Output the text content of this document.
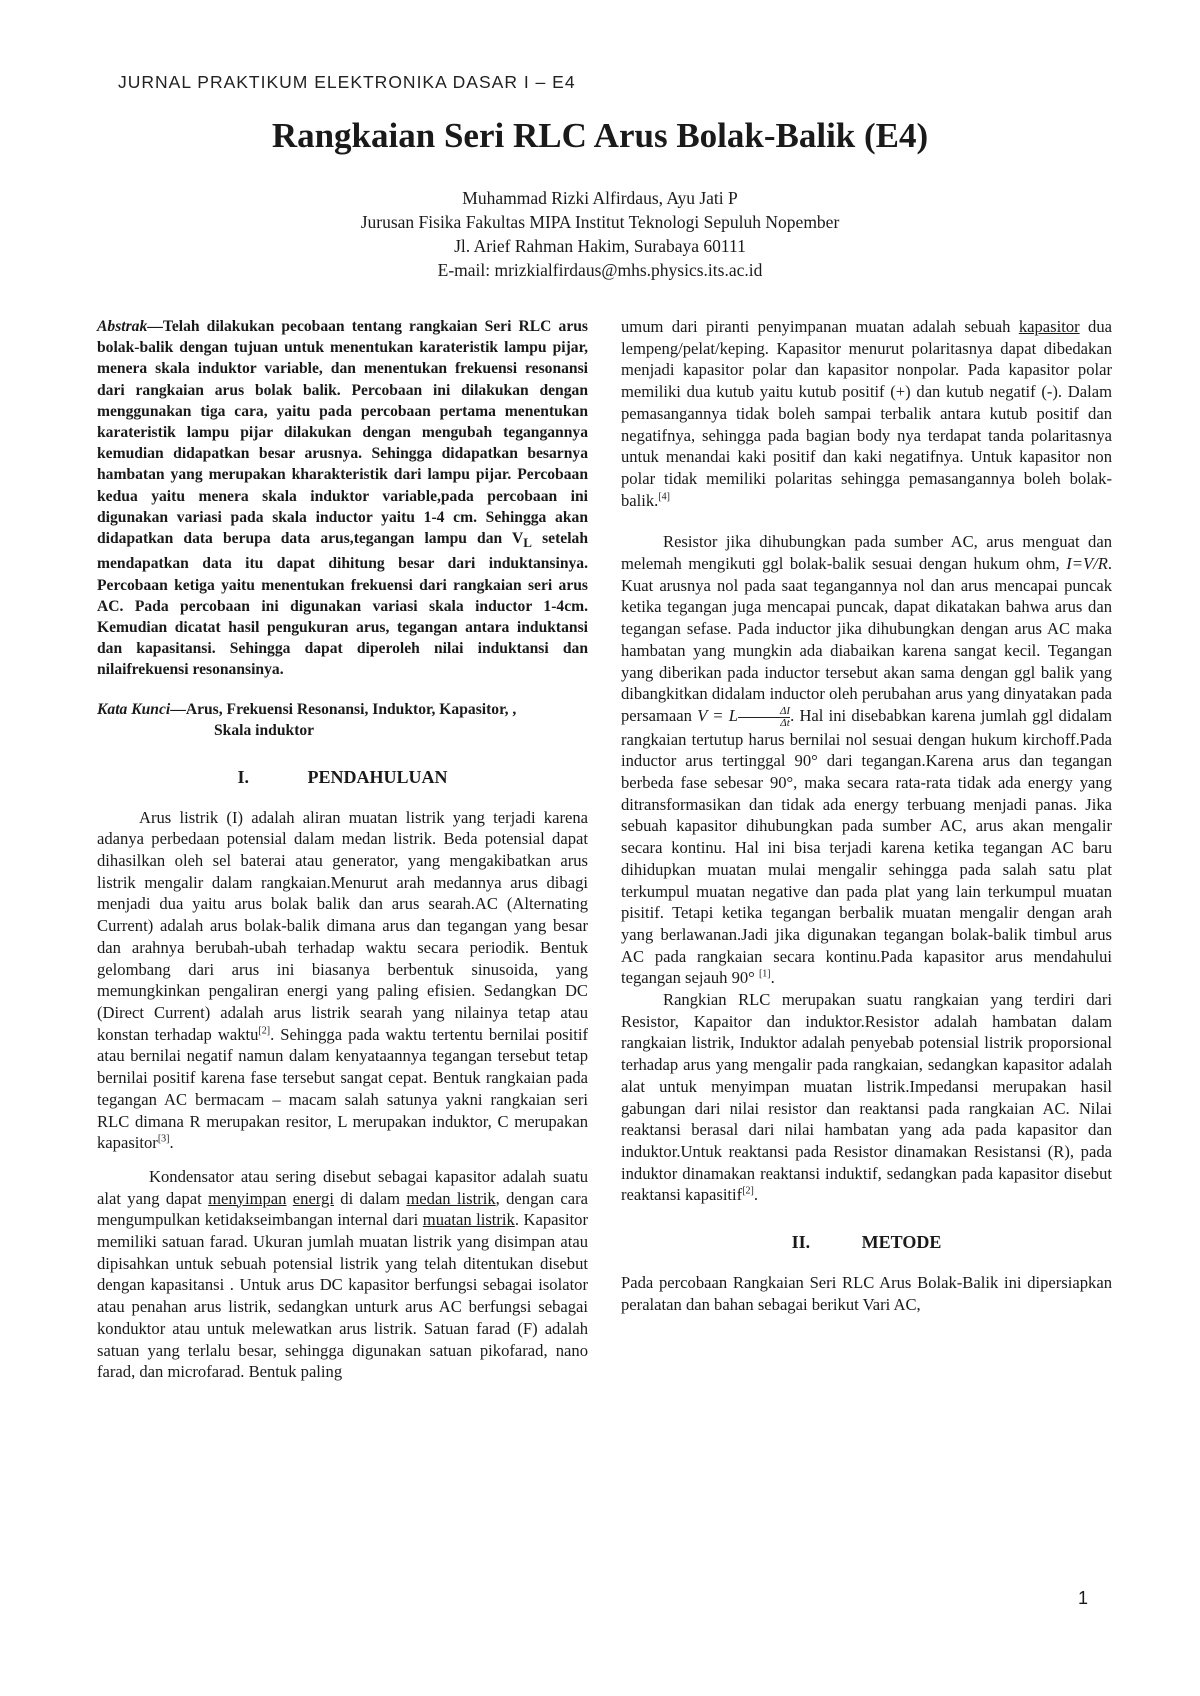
JURNAL PRAKTIKUM ELEKTRONIKA DASAR I – E4
Rangkaian Seri RLC Arus Bolak-Balik (E4)
Muhammad Rizki Alfirdaus, Ayu Jati P
Jurusan Fisika Fakultas MIPA Institut Teknologi Sepuluh Nopember
Jl. Arief Rahman Hakim, Surabaya 60111
E-mail: mrizkialfirdaus@mhs.physics.its.ac.id

Abstrak—Telah dilakukan pecobaan tentang rangkaian Seri RLC arus bolak-balik dengan tujuan untuk menentukan karateristik lampu pijar, menera skala induktor variable, dan menentukan frekuensi resonansi dari rangkaian arus bolak balik. Percobaan ini dilakukan dengan menggunakan tiga cara, yaitu pada percobaan pertama menentukan karateristik lampu pijar dilakukan dengan mengubah tegangannya kemudian didapatkan besar arusnya. Sehingga didapatkan besarnya hambatan yang merupakan kharakteristik dari lampu pijar. Percobaan kedua yaitu menera skala induktor variable,pada percobaan ini digunakan variasi pada skala inductor yaitu 1-4 cm. Sehingga akan didapatkan data berupa data arus,tegangan lampu dan $V_L$ setelah mendapatkan data itu dapat dihitung besar dari induktansinya. Percobaan ketiga yaitu menentukan frekuensi dari rangkaian seri arus AC. Pada percobaan ini digunakan variasi skala inductor 1-4cm. Kemudian dicatat hasil pengukuran arus, tegangan antara induktansi dan kapasitansi. Sehingga dapat diperoleh nilai induktansi dan nilaifrekuensi resonansinya.

Kata Kunci—Arus, Frekuensi Resonansi, Induktor, Kapasitor, ,
Skala induktor

I.	PENDAHULUAN

Arus listrik (I) adalah aliran muatan listrik yang terjadi karena adanya perbedaan potensial dalam medan listrik. Beda potensial dapat dihasilkan oleh sel baterai atau generator, yang mengakibatkan arus listrik mengalir dalam rangkaian.Menurut arah medannya arus dibagi menjadi dua yaitu arus bolak balik dan arus searah.AC (Alternating Current) adalah arus bolak-balik dimana arus dan tegangan yang besar dan arahnya berubah-ubah terhadap waktu secara periodik. Bentuk gelombang dari arus ini biasanya berbentuk sinusoida, yang memungkinkan pengaliran energi yang paling efisien. Sedangkan DC (Direct Current) adalah arus listrik searah yang nilainya tetap atau konstan terhadap waktu[2]. Sehingga pada waktu tertentu bernilai positif atau bernilai negatif namun dalam kenyataannya tegangan tersebut tetap bernilai positif karena fase tersebut sangat cepat. Bentuk rangkaian pada tegangan AC bermacam – macam salah satunya yakni rangkaian seri RLC dimana R merupakan resitor, L merupakan induktor, C merupakan kapasitor[3].

Kondensator atau sering disebut sebagai kapasitor adalah suatu alat yang dapat menyimpan energi di dalam medan listrik, dengan cara mengumpulkan ketidakseimbangan internal dari muatan listrik. Kapasitor memiliki satuan farad. Ukuran jumlah muatan listrik yang disimpan atau dipisahkan untuk sebuah potensial listrik yang telah ditentukan disebut dengan kapasitansi . Untuk arus DC kapasitor berfungsi sebagai isolator atau penahan arus listrik, sedangkan unturk arus AC berfungsi sebagai konduktor atau untuk melewatkan arus listrik. Satuan farad (F) adalah satuan yang terlalu besar, sehingga digunakan satuan pikofarad, nano farad, dan microfarad. Bentuk paling

umum dari piranti penyimpanan muatan adalah sebuah kapasitor dua lempeng/pelat/keping. Kapasitor menurut polaritasnya dapat dibedakan menjadi kapasitor polar dan kapasitor nonpolar. Pada kapasitor polar memiliki dua kutub yaitu kutub positif (+) dan kutub negatif (-). Dalam pemasangannya tidak boleh sampai terbalik antara kutub positif dan negatifnya, sehingga pada bagian body nya terdapat tanda polaritasnya untuk menandai kaki positif dan kaki negatifnya. Untuk kapasitor non polar tidak memiliki polaritas sehingga pemasangannya boleh bolak-balik.[4]

Resistor jika dihubungkan pada sumber AC, arus menguat dan melemah mengikuti ggl bolak-balik sesuai dengan hukum ohm, I=V/R. Kuat arusnya nol pada saat tegangannya nol dan arus mencapai puncak ketika tegangan juga mencapai puncak, dapat dikatakan bahwa arus dan tegangan sefase. Pada inductor jika dihubungkan dengan arus AC maka hambatan yang mungkin ada diabaikan karena sangat kecil. Tegangan yang diberikan pada inductor tersebut akan sama dengan ggl balik yang dibangkitkan didalam inductor oleh perubahan arus yang dinyatakan pada persamaan V = L $\frac{\Delta I}{\Delta t}$ . Hal ini disebabkan karena jumlah ggl didalam rangkaian tertutup harus bernilai nol sesuai dengan hukum kirchoff.Pada inductor arus tertinggal 90° dari tegangan.Karena arus dan tegangan berbeda fase sebesar 90°, maka secara rata-rata tidak ada energy yang ditransformasikan dan tidak ada energy terbuang menjadi panas. Jika sebuah kapasitor dihubungkan pada sumber AC, arus akan mengalir secara kontinu. Hal ini bisa terjadi karena ketika tegangan AC baru dihidupkan muatan mulai mengalir sehingga pada salah satu plat terkumpul muatan negative dan pada plat yang lain terkumpul muatan pisitif. Tetapi ketika tegangan berbalik muatan mengalir dengan arah yang berlawanan.Jadi jika digunakan tegangan bolak-balik timbul arus AC pada rangkaian secara kontinu.Pada kapasitor arus mendahului tegangan sejauh 90° [1].

Rangkian RLC merupakan suatu rangkaian yang terdiri dari Resistor, Kapaitor dan induktor.Resistor adalah hambatan dalam rangkaian listrik, Induktor adalah penyebab potensial listrik proporsional terhadap arus yang mengalir pada rangkaian, sedangkan kapasitor adalah alat untuk menyimpan muatan listrik.Impedansi merupakan hasil gabungan dari nilai resistor dan reaktansi pada rangkaian AC. Nilai reaktansi berasal dari nilai hambatan yang ada pada kapasitor dan induktor.Untuk reaktansi pada Resistor dinamakan Resistansi (R), pada induktor dinamakan reaktansi induktif, sedangkan pada kapasitor disebut reaktansi kapasitif[2].

II.	METODE

Pada percobaan Rangkaian Seri RLC Arus Bolak-Balik ini dipersiapkan peralatan dan bahan sebagai berikut Vari AC,

1
